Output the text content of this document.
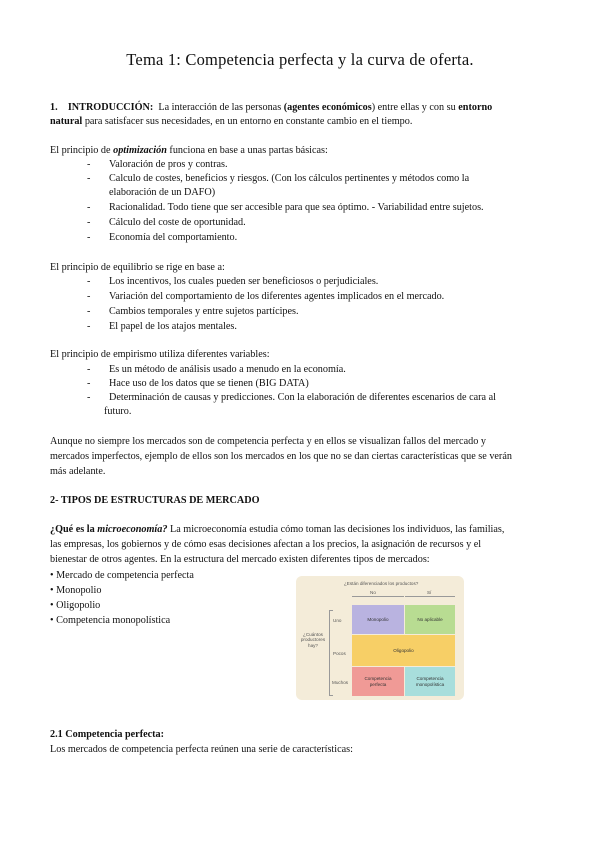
Tema 1: Competencia perfecta y la curva de oferta.
1. INTRODUCCIÓN: La interacción de las personas (agentes económicos) entre ellas y con su entorno
natural para satisfacer sus necesidades, en un entorno en constante cambio en el tiempo.
El principio de optimización funciona en base a unas partas básicas:
- Valoración de pros y contras.
- Calculo de costes, beneficios y riesgos. (Con los cálculos pertinentes y métodos como la
elaboración de un DAFO)
- Racionalidad. Todo tiene que ser accesible para que sea óptimo. - Variabilidad entre sujetos.
- Cálculo del coste de oportunidad.
- Economía del comportamiento.
El principio de equilibrio se rige en base a:
- Los incentivos, los cuales pueden ser beneficiosos o perjudiciales.
- Variación del comportamiento de los diferentes agentes implicados en el mercado.
- Cambios temporales y entre sujetos partícipes.
- El papel de los atajos mentales.
El principio de empirismo utiliza diferentes variables:
- Es un método de análisis usado a menudo en la economía.
- Hace uso de los datos que se tienen (BIG DATA)
- Determinación de causas y predicciones. Con la elaboración de diferentes escenarios de cara al
futuro.
Aunque no siempre los mercados son de competencia perfecta y en ellos se visualizan fallos del mercado y
mercados imperfectos, ejemplo de ellos son los mercados en los que no se dan ciertas características que se verán
más adelante.
2- TIPOS DE ESTRUCTURAS DE MERCADO
¿Qué es la microeconomía? La microeconomía estudia cómo toman las decisiones los individuos, las familias,
las empresas, los gobiernos y de cómo esas decisiones afectan a los precios, la asignación de recursos y el
bienestar de otros agentes. En la estructura del mercado existen diferentes tipos de mercados:
• Mercado de competencia perfecta
• Monopolio
• Oligopolio
• Competencia monopolística
¿Están diferenciados los productos?
No	Sí
¿Cuántos productores hay?
Uno
Pocos
Muchos
Monopolio	No aplicable
Oligopolio
Competencia perfecta
Competencia monopolística
2.1 Competencia perfecta:
Los mercados de competencia perfecta reúnen una serie de características:
